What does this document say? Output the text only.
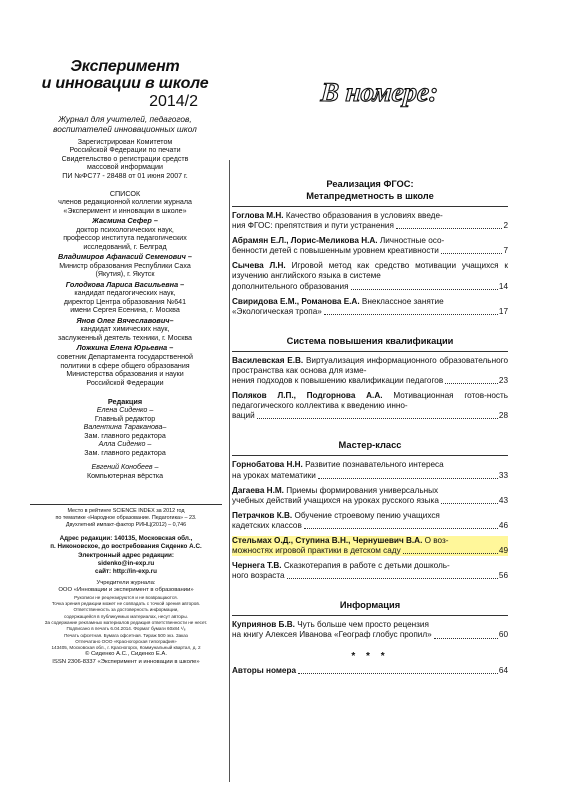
Эксперимент
и инновации в школе
2014/2
Журнал для учителей, педагогов,
воспитателей инновационных школ
Зарегистрирован Комитетом
Российской Федерации по печати
Свидетельство о регистрации средств
массовой информации
ПИ №ФС77 - 28488 от 01 июня 2007 г.
СПИСОК
членов редакционной коллегии журнала
«Эксперимент и инновации в школе»
Жасмина Сефер –
доктор психологических наук,
профессор института педагогических
исследований, г. Белград
Владимиров Афанасий Семенович –
Министр образования Республики Саха
(Якутия), г. Якутск
Голодкова Лариса Васильевна –
кандидат педагогических наук,
директор Центра образования №641
имени Сергея Есенина, г. Москва
Янов Олег Вячеславович–
кандидат химических наук,
заслуженный деятель техники, г. Москва
Ложкина Елена Юрьевна –
советник Департамента государственной
политики в сфере общего образования
Министерства образования и науки
Российской Федерации
Редакция
Елена Сиденко –
Главный редактор
Валентина Тараканова–
Зам. главного редактора
Алла Сиденко –
Зам. главного редактора
Евгений Конобеев –
Компьютерная вёрстка
Место в рейтинге SCIENCE INDEX за 2012 год
по тематике «Народное образование. Педагогика» – 23.
Двухлетний импакт-фактор РИНЦ(2012) – 0,746
Адрес редакции: 140135, Московская обл.,
п. Никоновское, до востребования Сиденко А.С.
Электронный адрес редакции:
sidenko@in-exp.ru
сайт: http://in-exp.ru
Учредители журнала:
ООО «Инновации и эксперимент в образовании»
Рукописи не рецензируются и не возвращаются.
Точка зрения редакции может не совпадать с точкой зрения авторов.
Ответственность за достоверность информации,
содержащейся в публикуемых материалах, несут авторы.
За содержание рекламных материалов редакция ответственности не несет.
Подписано в печать 6.04.2014. Формат бумаги 60х84 ¹/₈
Печать офсетная. Бумага офсетная. Тираж 500 экз. Заказ
Отпечатано ООО «Красногорская типография»
143405, Московская обл., г. Красногорск, Коммунальный квартал, д. 2
© Сиденко А.С., Сиденко Е.А.
ISSN 2306-8337 «Эксперимент и инновации в школе»
В номере:
Реализация ФГОС:
Метапредметность в школе
Гоглова М.Н. Качество образования в условиях введе-
ния ФГОС: препятствия и пути устранения	2
Абрамян Е.Л., Лорис-Меликова Н.А. Личностные осо-
бенности детей с повышенным уровнем креативности	7
Сычева Л.Н. Игровой метод как средство мотивации учащихся к изучению английского языка в системе
дополнительного образования	14
Свиридова Е.М., Романова Е.А. Внеклассное занятие
«Экологическая тропа»	17
Система повышения квалификации
Василевская Е.В. Виртуализация информационного образовательного пространства как основа для изме-
нения подходов к повышению квалификации педагогов	23
Поляков Л.П., Подгорнова А.А. Мотивационная готов-ность педагогического коллектива к введению инно-
ваций	28
Мастер-класс
Горнобатова Н.Н. Развитие познавательного интереса
на уроках математики	33
Дагаева Н.М. Приемы формирования универсальных
учебных действий учащихся на уроках русского языка	43
Петрачков К.В. Обучение строевому пению учащихся
кадетских классов	46
Стельмах О.Д., Ступина В.Н., Чернушевич В.А. О воз-
можностях игровой практики в детском саду	49
Чернега Т.В. Сказкотерапия в работе с детьми дошколь-
ного возраста	56
Информация
Куприянов Б.В. Чуть больше чем просто рецензия
на книгу Алексея Иванова «Географ глобус пропил»	60
* * *
Авторы номера	64
